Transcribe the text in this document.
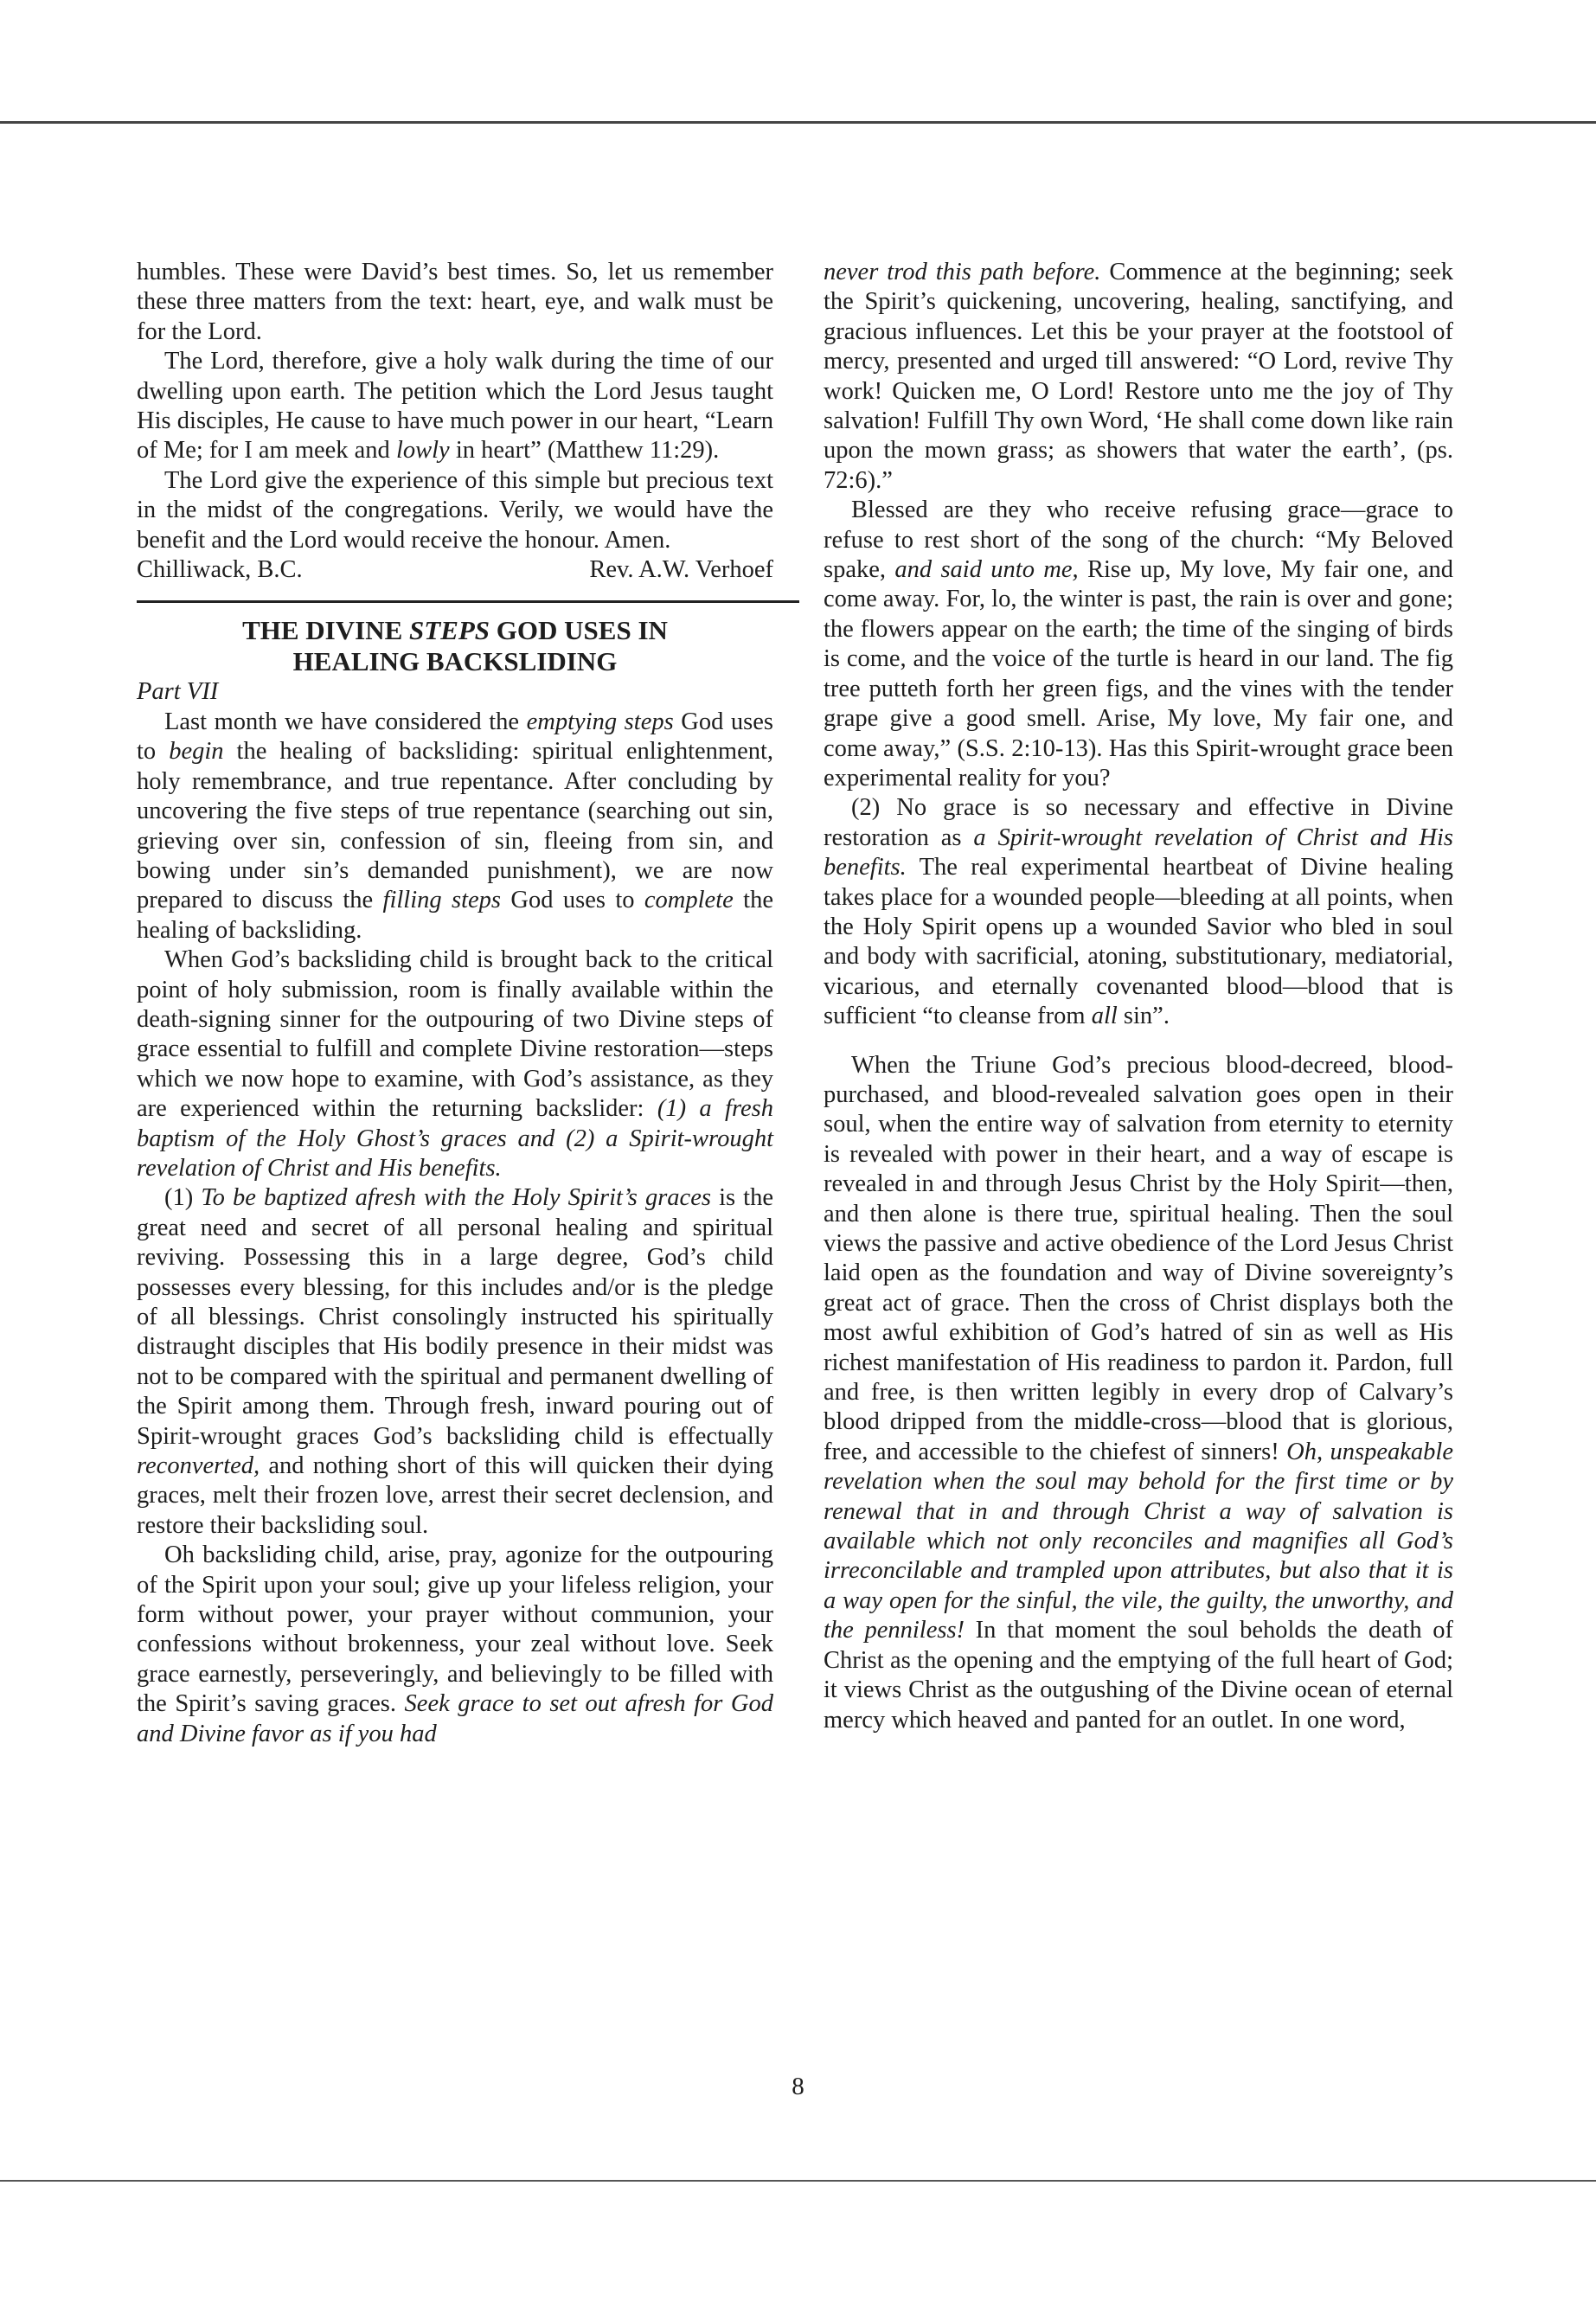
humbles. These were David’s best times. So, let us remember these three matters from the text: heart, eye, and walk must be for the Lord.

The Lord, therefore, give a holy walk during the time of our dwelling upon earth. The petition which the Lord Jesus taught His disciples, He cause to have much power in our heart, “Learn of Me; for I am meek and lowly in heart” (Matthew 11:29).

The Lord give the experience of this simple but precious text in the midst of the congregations. Verily, we would have the benefit and the Lord would receive the honour. Amen.

Chilliwack, B.C.	Rev. A.W. Verhoef

THE DIVINE STEPS GOD USES IN
HEALING BACKSLIDING

Part VII

Last month we have considered the emptying steps God uses to begin the healing of backsliding: spiritual enlightenment, holy remembrance, and true repentance. After concluding by uncovering the five steps of true repentance (searching out sin, grieving over sin, confession of sin, fleeing from sin, and bowing under sin’s demanded punishment), we are now prepared to discuss the filling steps God uses to complete the healing of backsliding.

When God’s backsliding child is brought back to the critical point of holy submission, room is finally available within the death-signing sinner for the outpouring of two Divine steps of grace essential to fulfill and complete Divine restoration—steps which we now hope to examine, with God’s assistance, as they are experienced within the returning backslider: (1) a fresh baptism of the Holy Ghost’s graces and (2) a Spirit-wrought revelation of Christ and His benefits.

(1) To be baptized afresh with the Holy Spirit’s graces is the great need and secret of all personal healing and spiritual reviving. Possessing this in a large degree, God’s child possesses every blessing, for this includes and/or is the pledge of all blessings. Christ consolingly instructed his spiritually distraught disciples that His bodily presence in their midst was not to be compared with the spiritual and permanent dwelling of the Spirit among them. Through fresh, inward pouring out of Spirit-wrought graces God’s backsliding child is effectually reconverted, and nothing short of this will quicken their dying graces, melt their frozen love, arrest their secret declension, and restore their backsliding soul.

Oh backsliding child, arise, pray, agonize for the outpouring of the Spirit upon your soul; give up your lifeless religion, your form without power, your prayer without communion, your confessions without brokenness, your zeal without love. Seek grace earnestly, perseveringly, and believingly to be filled with the Spirit’s saving graces. Seek grace to set out afresh for God and Divine favor as if you had

never trod this path before. Commence at the beginning; seek the Spirit’s quickening, uncovering, healing, sanctifying, and gracious influences. Let this be your prayer at the footstool of mercy, presented and urged till answered: “O Lord, revive Thy work! Quicken me, O Lord! Restore unto me the joy of Thy salvation! Fulfill Thy own Word, ‘He shall come down like rain upon the mown grass; as showers that water the earth’, (ps. 72:6).”

Blessed are they who receive refusing grace—grace to refuse to rest short of the song of the church: “My Beloved spake, and said unto me, Rise up, My love, My fair one, and come away. For, lo, the winter is past, the rain is over and gone; the flowers appear on the earth; the time of the singing of birds is come, and the voice of the turtle is heard in our land. The fig tree putteth forth her green figs, and the vines with the tender grape give a good smell. Arise, My love, My fair one, and come away,” (S.S. 2:10-13). Has this Spirit-wrought grace been experimental reality for you?

(2) No grace is so necessary and effective in Divine restoration as a Spirit-wrought revelation of Christ and His benefits. The real experimental heartbeat of Divine healing takes place for a wounded people—bleeding at all points, when the Holy Spirit opens up a wounded Savior who bled in soul and body with sacrificial, atoning, substitutionary, mediatorial, vicarious, and eternally covenanted blood—blood that is sufficient “to cleanse from all sin”.

When the Triune God’s precious blood-decreed, blood-purchased, and blood-revealed salvation goes open in their soul, when the entire way of salvation from eternity to eternity is revealed with power in their heart, and a way of escape is revealed in and through Jesus Christ by the Holy Spirit—then, and then alone is there true, spiritual healing. Then the soul views the passive and active obedience of the Lord Jesus Christ laid open as the foundation and way of Divine sovereignty’s great act of grace. Then the cross of Christ displays both the most awful exhibition of God’s hatred of sin as well as His richest manifestation of His readiness to pardon it. Pardon, full and free, is then written legibly in every drop of Calvary’s blood dripped from the middle-cross—blood that is glorious, free, and accessible to the chiefest of sinners! Oh, unspeakable revelation when the soul may behold for the first time or by renewal that in and through Christ a way of salvation is available which not only reconciles and magnifies all God’s irreconcilable and trampled upon attributes, but also that it is a way open for the sinful, the vile, the guilty, the unworthy, and the penniless! In that moment the soul beholds the death of Christ as the opening and the emptying of the full heart of God; it views Christ as the outgushing of the Divine ocean of eternal mercy which heaved and panted for an outlet. In one word,

8
